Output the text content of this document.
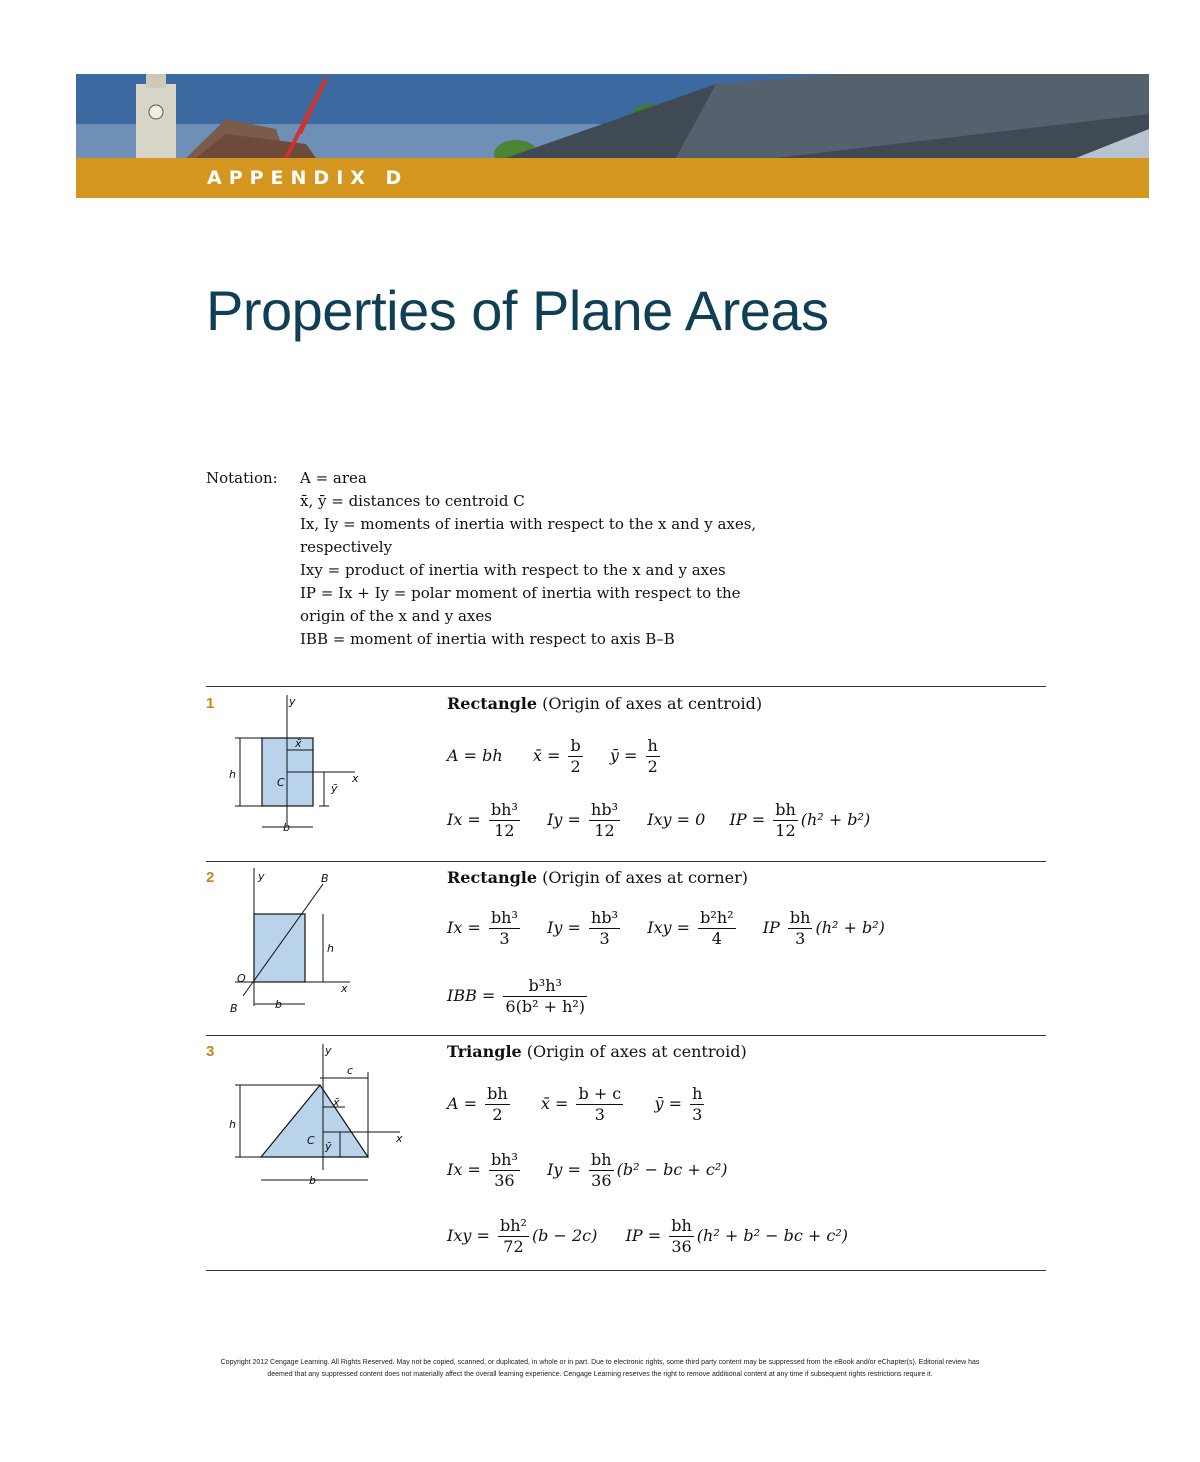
APPENDIX D
Properties of Plane Areas
Notation:	A = area
x̄, ȳ = distances to centroid C
Ix, Iy = moments of inertia with respect to the x and y axes,
respectively
Ixy = product of inertia with respect to the x and y axes
IP = Ix + Iy = polar moment of inertia with respect to the
origin of the x and y axes
IBB = moment of inertia with respect to axis B–B
1	Rectangle (Origin of axes at centroid)
y
x
h
b
C
x̄
ȳ
A = bh x̄ = $\frac{b}{2}$ ȳ = $\frac{h}{2}$
$Ix = \frac{\text{bh³}}{12}$ $Iy = \frac{\text{hb³}}{12}$ Ixy = 0 IP = $\frac{bh}{12} (h^2 + b^2)$
2	Rectangle (Origin of axes at corner)
y	B
h
x
O
B	b
$Ix = \frac{\text{bh³}}{3}$ $Iy = \frac{\text{hb³}}{3}$ Ixy = $\frac{\text{b²h²}}{4}$ IP $\frac{bh}{3} (h^2 + b^2)$
IBB = $\frac{\text{b³h³}}{\text{6(b² + h²)}}$
3	Triangle (Origin of axes at centroid)
y
c
x̄
x
h
C ȳ
b
$A = \frac{bh}{2}$ x̄ = $\frac{b + c}{3}$ ȳ = $\frac{h}{3}$
$Ix = \frac{\text{bh³}}{36}$ $Iy = \frac{bh}{36} (b^2$ − bc + c²)
Ixy = $\frac{\text{bh²}}{72} (b - 2c)$ IP = $\frac{bh}{36} (h^2 + b^2$ − bc + c²)
Copyright 2012 Cengage Learning. All Rights Reserved. May not be copied, scanned, or duplicated, in whole or in part. Due to electronic rights, some third party content may be suppressed from the eBook and/or eChapter(s). Editorial review has
deemed that any suppressed content does not materially affect the overall learning experience. Cengage Learning reserves the right to remove additional content at any time if subsequent rights restrictions require it.
